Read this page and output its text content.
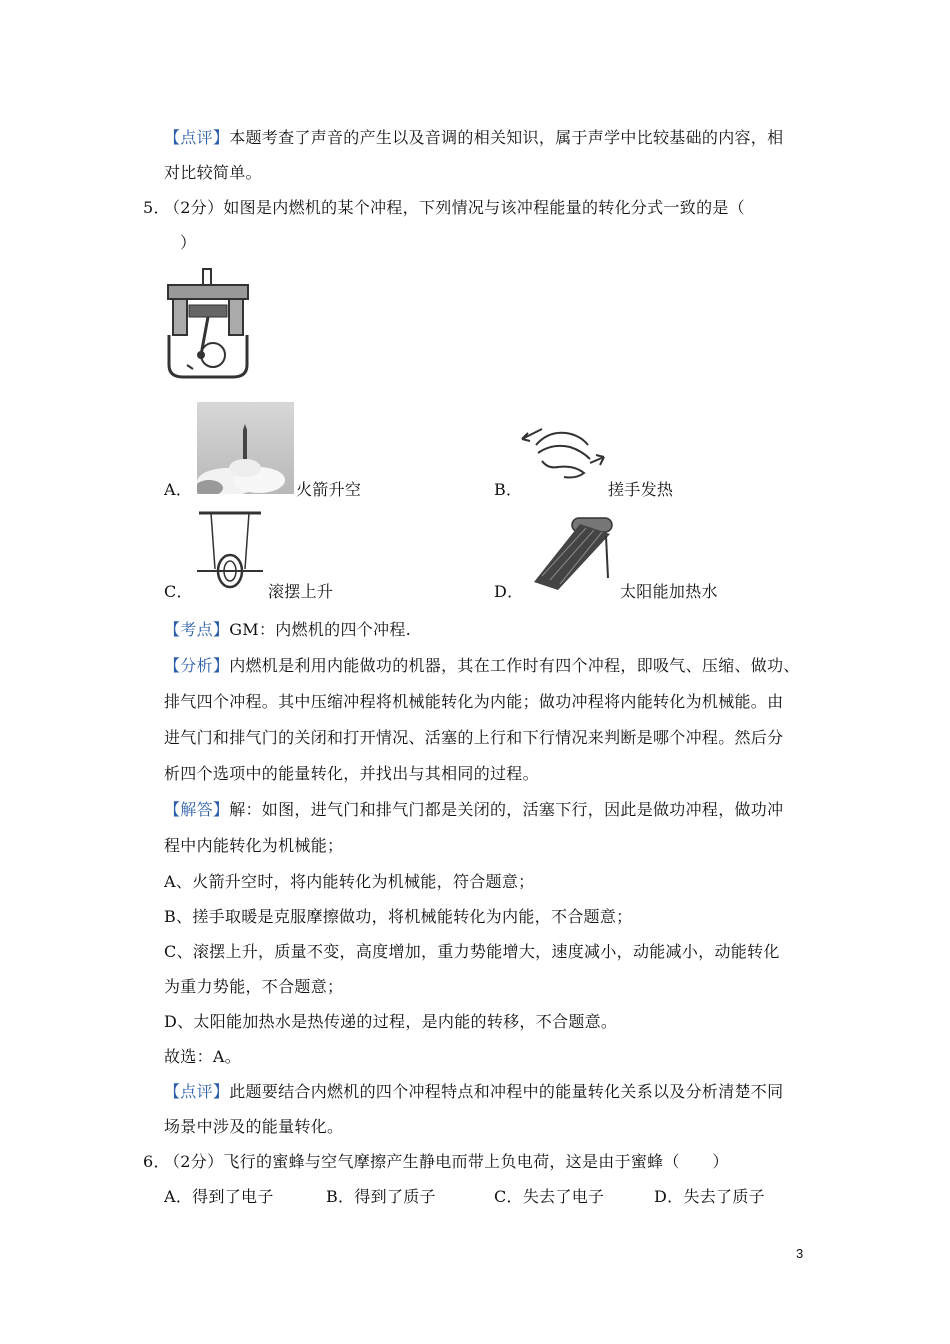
【点评】本题考查了声音的产生以及音调的相关知识，属于声学中比较基础的内容，相
对比较简单。
5．
（2分）如图是内燃机的某个冲程，下列情况与该冲程能量的转化分式一致的是（
）
A．	火箭升空	B．	搓手发热
C．	滚摆上升	D．	太阳能加热水
【考点】GM：内燃机的四个冲程.
【分析】内燃机是利用内能做功的机器，其在工作时有四个冲程，即吸气、压缩、做功、
排气四个冲程。其中压缩冲程将机械能转化为内能；做功冲程将内能转化为机械能。由
进气门和排气门的关闭和打开情况、活塞的上行和下行情况来判断是哪个冲程。然后分
析四个选项中的能量转化，并找出与其相同的过程。
【解答】解：如图，进气门和排气门都是关闭的，活塞下行，因此是做功冲程，做功冲
程中内能转化为机械能；
A、火箭升空时，将内能转化为机械能，符合题意；
B、搓手取暖是克服摩擦做功，将机械能转化为内能，不合题意；
C、滚摆上升，质量不变，高度增加，重力势能增大，速度减小，动能减小，动能转化
为重力势能，不合题意；
D、太阳能加热水是热传递的过程，是内能的转移，不合题意。
故选：A。
【点评】此题要结合内燃机的四个冲程特点和冲程中的能量转化关系以及分析清楚不同
场景中涉及的能量转化。
6．
（2分）飞行的蜜蜂与空气摩擦产生静电而带上负电荷，这是由于蜜蜂（　　）
A．得到了电子	B．得到了质子	C．失去了电子	D．失去了质子
3
